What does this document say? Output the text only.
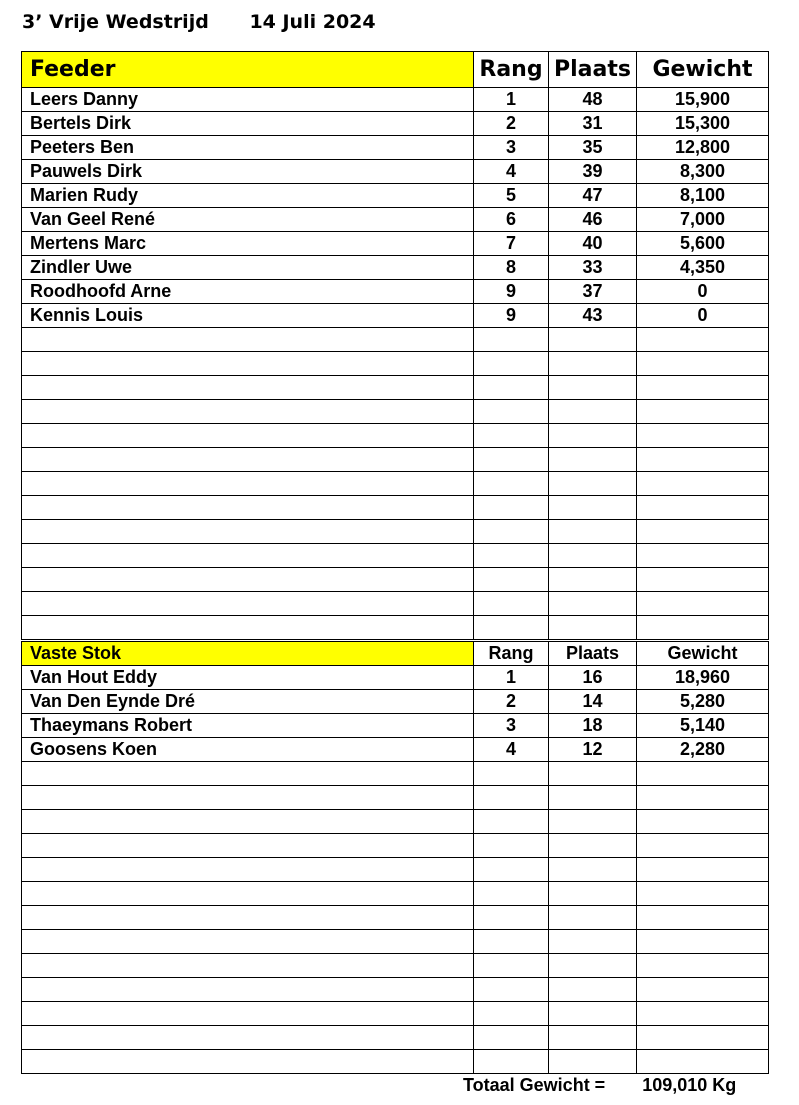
3’ Vrije Wedstrijd 14 Juli 2024
Feeder	Rang	Plaats	Gewicht
Leers Danny	1	48	15,900
Bertels Dirk	2	31	15,300
Peeters Ben	3	35	12,800
Pauwels Dirk	4	39	8,300
Marien Rudy	5	47	8,100
Van Geel René	6	46	7,000
Mertens Marc	7	40	5,600
Zindler Uwe	8	33	4,350
Roodhoofd Arne	9	37	0
Kennis Louis	9	43	0

Vaste Stok	Rang	Plaats	Gewicht
Van Hout Eddy	1	16	18,960
Van Den Eynde Dré	2	14	5,280
Thaeymans Robert	3	18	5,140
Goosens Koen	4	12	2,280

Totaal Gewicht = 109,010 Kg
